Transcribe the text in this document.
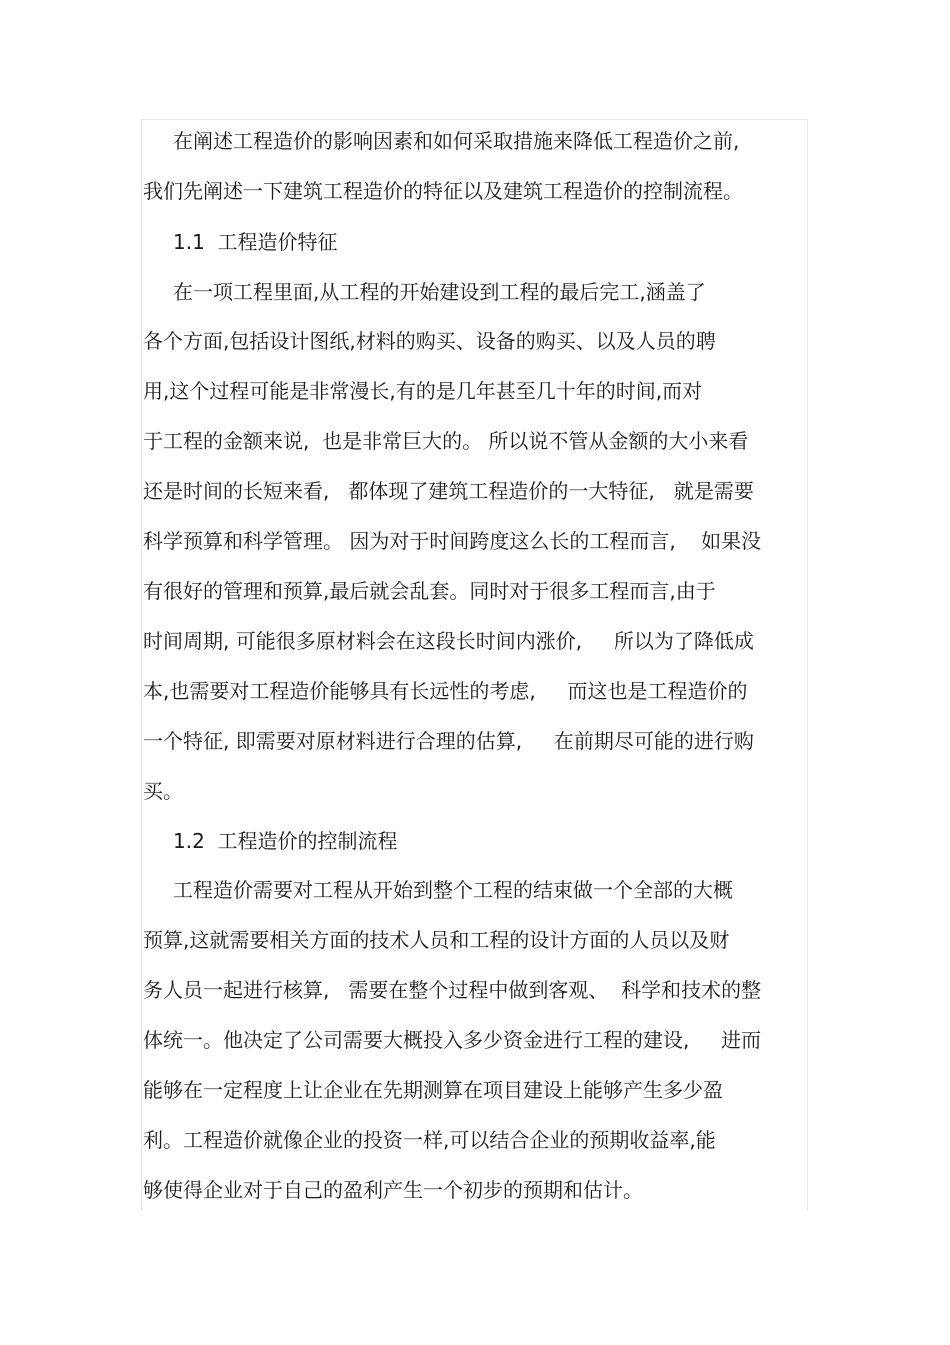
在阐述工程造价的影响因素和如何采取措施来降低工程造价之前,
我们先阐述一下建筑工程造价的特征以及建筑工程造价的控制流程。
1.1  工程造价特征
在一项工程里面,从工程的开始建设到工程的最后完工,涵盖了
各个方面,包括设计图纸,材料的购买、设备的购买、以及人员的聘
用,这个过程可能是非常漫长,有的是几年甚至几十年的时间,而对
于工程的金额来说,  也是非常巨大的。 所以说不管从金额的大小来看
还是时间的长短来看,   都体现了建筑工程造价的一大特征,   就是需要
科学预算和科学管理。 因为对于时间跨度这么长的工程而言,    如果没
有很好的管理和预算,最后就会乱套。同时对于很多工程而言,由于
时间周期, 可能很多原材料会在这段长时间内涨价,     所以为了降低成
本,也需要对工程造价能够具有长远性的考虑,     而这也是工程造价的
一个特征, 即需要对原材料进行合理的估算,     在前期尽可能的进行购
买。
1.2  工程造价的控制流程
工程造价需要对工程从开始到整个工程的结束做一个全部的大概
预算,这就需要相关方面的技术人员和工程的设计方面的人员以及财
务人员一起进行核算,   需要在整个过程中做到客观、  科学和技术的整
体统一。他决定了公司需要大概投入多少资金进行工程的建设,     进而
能够在一定程度上让企业在先期测算在项目建设上能够产生多少盈
利。工程造价就像企业的投资一样,可以结合企业的预期收益率,能
够使得企业对于自己的盈利产生一个初步的预期和估计。
